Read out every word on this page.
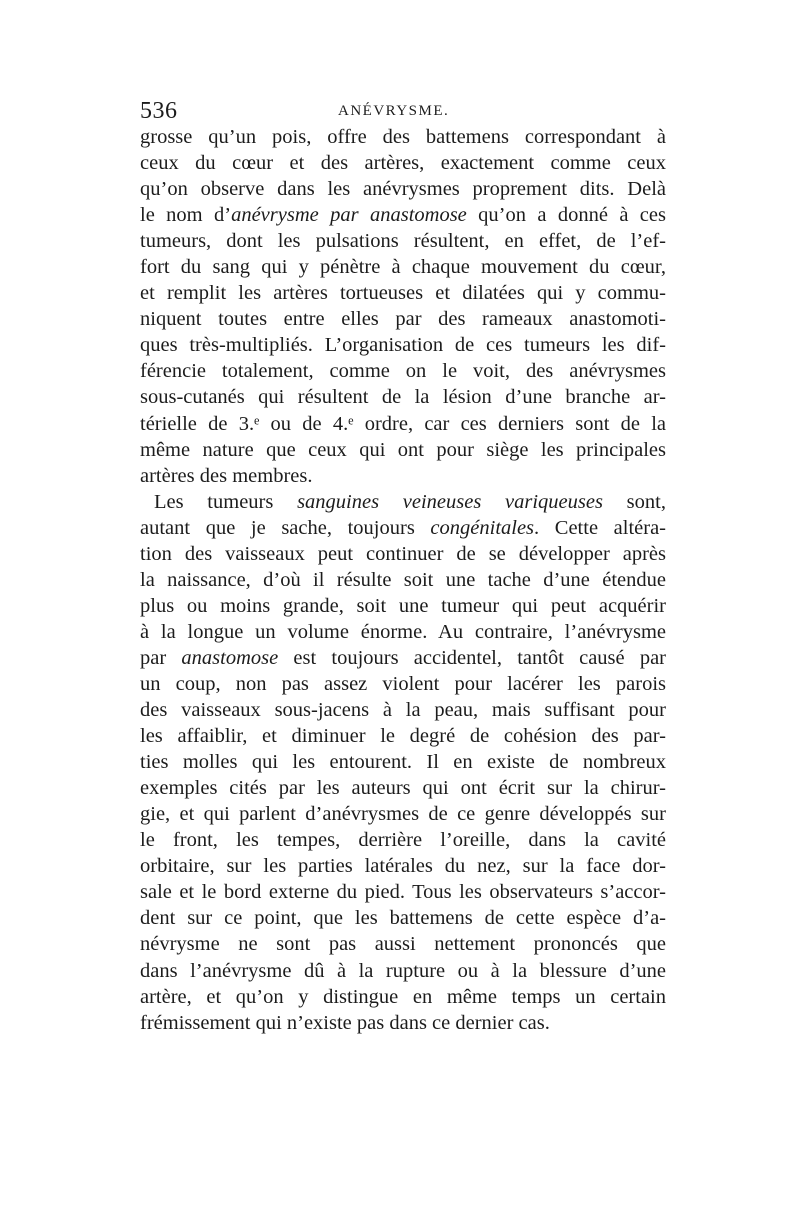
536	ANÉVRYSME.
grosse qu’un pois, offre des battemens correspondant à
ceux du cœur et des artères, exactement comme ceux
qu’on observe dans les anévrysmes proprement dits. Delà
le nom d’anévrysme par anastomose qu’on a donné à ces
tumeurs, dont les pulsations résultent, en effet, de l’ef-
fort du sang qui y pénètre à chaque mouvement du cœur,
et remplit les artères tortueuses et dilatées qui y commu-
niquent toutes entre elles par des rameaux anastomoti-
ques très-multipliés. L’organisation de ces tumeurs les dif-
férencie totalement, comme on le voit, des anévrysmes
sous-cutanés qui résultent de la lésion d’une branche ar-
térielle de 3.ᵉ ou de 4.ᵉ ordre, car ces derniers sont de la
même nature que ceux qui ont pour siège les principales
artères des membres.
Les tumeurs sanguines veineuses variqueuses sont,
autant que je sache, toujours congénitales. Cette altéra-
tion des vaisseaux peut continuer de se développer après
la naissance, d’où il résulte soit une tache d’une étendue
plus ou moins grande, soit une tumeur qui peut acquérir
à la longue un volume énorme. Au contraire, l’anévrysme
par anastomose est toujours accidentel, tantôt causé par
un coup, non pas assez violent pour lacérer les parois
des vaisseaux sous-jacens à la peau, mais suffisant pour
les affaiblir, et diminuer le degré de cohésion des par-
ties molles qui les entourent. Il en existe de nombreux
exemples cités par les auteurs qui ont écrit sur la chirur-
gie, et qui parlent d’anévrysmes de ce genre développés sur
le front, les tempes, derrière l’oreille, dans la cavité
orbitaire, sur les parties latérales du nez, sur la face dor-
sale et le bord externe du pied. Tous les observateurs s’accor-
dent sur ce point, que les battemens de cette espèce d’a-
névrysme ne sont pas aussi nettement prononcés que
dans l’anévrysme dû à la rupture ou à la blessure d’une
artère, et qu’on y distingue en même temps un certain
frémissement qui n’existe pas dans ce dernier cas.
